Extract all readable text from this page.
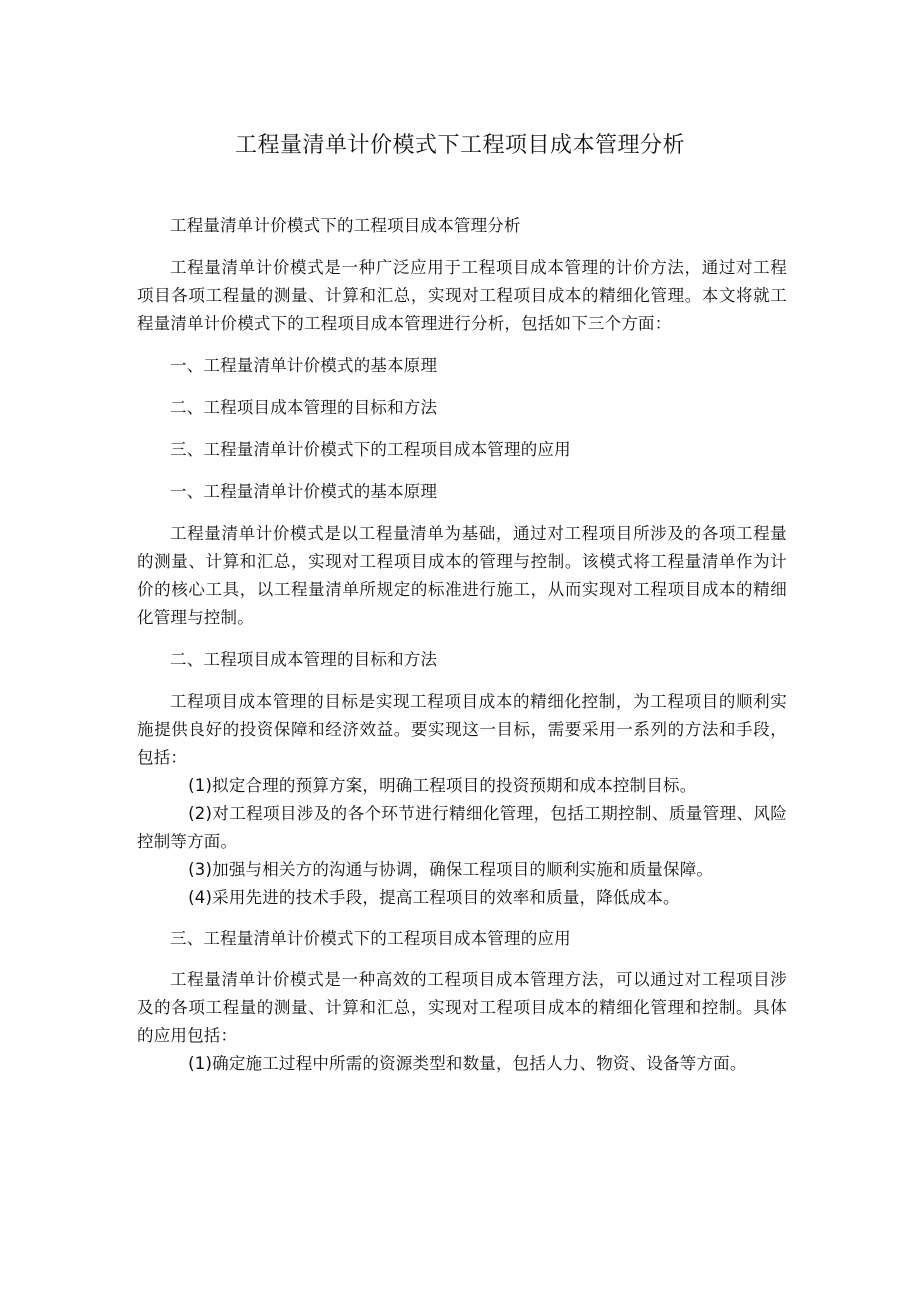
工程量清单计价模式下工程项目成本管理分析

工程量清单计价模式下的工程项目成本管理分析

工程量清单计价模式是一种广泛应用于工程项目成本管理的计价方法，通过对工程项目各项工程量的测量、计算和汇总，实现对工程项目成本的精细化管理。本文将就工程量清单计价模式下的工程项目成本管理进行分析，包括如下三个方面：

一、工程量清单计价模式的基本原理

二、工程项目成本管理的目标和方法

三、工程量清单计价模式下的工程项目成本管理的应用

一、工程量清单计价模式的基本原理

工程量清单计价模式是以工程量清单为基础，通过对工程项目所涉及的各项工程量的测量、计算和汇总，实现对工程项目成本的管理与控制。该模式将工程量清单作为计价的核心工具，以工程量清单所规定的标准进行施工，从而实现对工程项目成本的精细化管理与控制。

二、工程项目成本管理的目标和方法

工程项目成本管理的目标是实现工程项目成本的精细化控制，为工程项目的顺利实施提供良好的投资保障和经济效益。要实现这一目标，需要采用一系列的方法和手段，包括：

(1)拟定合理的预算方案，明确工程项目的投资预期和成本控制目标。

(2)对工程项目涉及的各个环节进行精细化管理，包括工期控制、质量管理、风险控制等方面。

(3)加强与相关方的沟通与协调，确保工程项目的顺利实施和质量保障。

(4)采用先进的技术手段，提高工程项目的效率和质量，降低成本。

三、工程量清单计价模式下的工程项目成本管理的应用

工程量清单计价模式是一种高效的工程项目成本管理方法，可以通过对工程项目涉及的各项工程量的测量、计算和汇总，实现对工程项目成本的精细化管理和控制。具体的应用包括：

(1)确定施工过程中所需的资源类型和数量，包括人力、物资、设备等方面。
